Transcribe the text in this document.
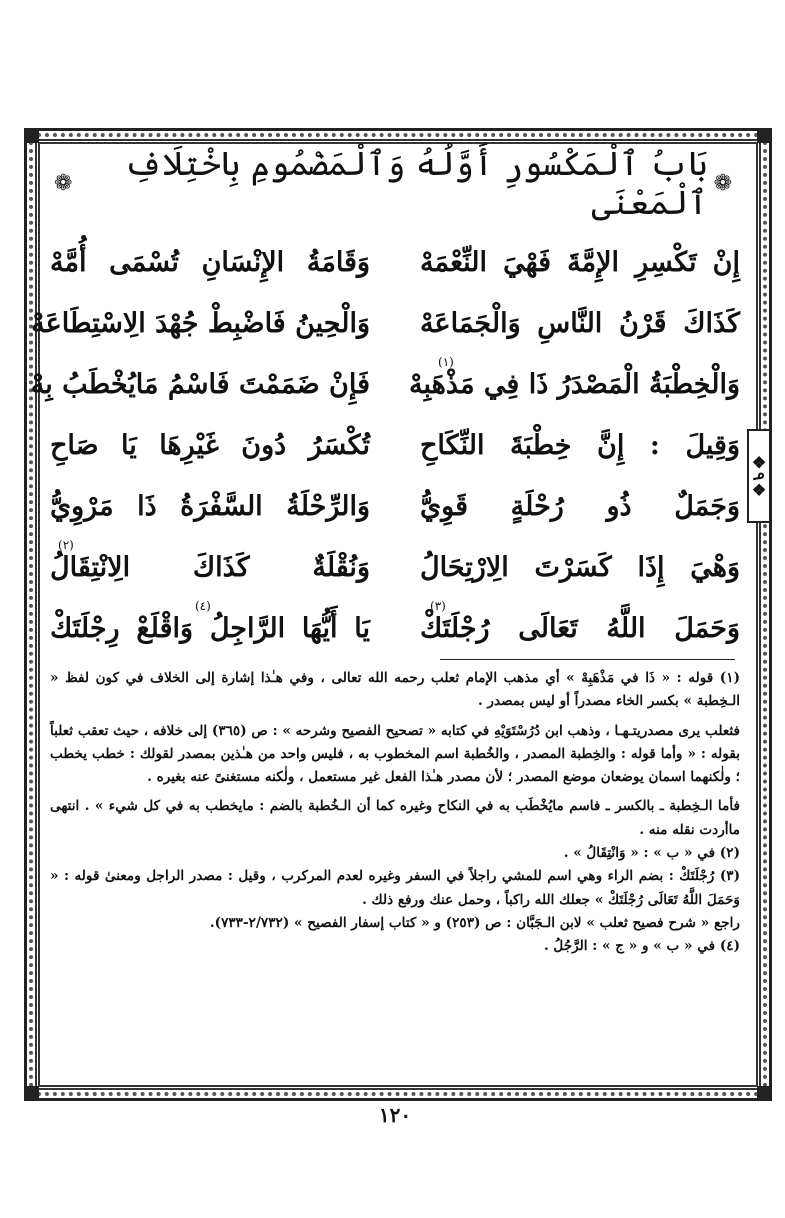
❖٩❖
❁
بَابُ ٱلْمَكْسُورِ أَوَّلُهُ وَٱلْمَضْمُومِ بِاخْتِلَافِ ٱلْمَعْنَى
❁
إِنْ تَكْسِرِ الإِمَّةَ فَهْيَ النِّعْمَهْ
وَقَامَةُ الإِنْسَانِ تُسْمَى أُمَّهْ
كَذَاكَ قَرْنُ النَّاسِ وَالْجَمَاعَهْ
وَالْحِينُ فَاضْبِطْ جُهْدَ الِاسْتِطَاعَهْ
وَالْخِطْبَةُ الْمَصْدَرُ ذَا فِي مَذْهَبِهْ
(١)
فَإِنْ ضَمَمْتَ فَاسْمُ مَايُخْطَبُ بِهْ
وَقِيلَ : إِنَّ خِطْبَةَ النِّكَاحِ
تُكْسَرُ دُونَ غَيْرِهَا يَا صَاحِ
وَجَمَلٌ ذُو رُحْلَةٍ قَوِيُّ
وَالرِّحْلَةُ السَّفْرَةُ ذَا مَرْوِيُّ
وَهْيَ إِذَا كَسَرْتَ الِارْتِحَالُ
وَنُقْلَةٌ كَذَاكَ الِانْتِقَالُ
(٢)
وَحَمَلَ اللَّهُ تَعَالَى رُجْلَتَكْ
(٣)
يَا أَيُّهَا الرَّاجِلُ وَاقْلَعْ رِجْلَتَكْ
(٤)

(١) قوله : « ذَا في مَذْهَبِهْ » أي مذهب الإمام ثعلب رحمه الله تعالى ، وفي هـٰذا إشارة إلى الخلاف في كون لفظ « الـخِطبة » بكسر الخاء مصدراً أو ليس بمصدر .

فثعلب يرى مصدريتـهـا ، وذهب ابن دُرُسْتَوَيْهِ في كتابه « تصحيح الفصيح وشرحه » : ص (٣٦٥) إلى خلافه ، حيث تعقب ثعلباً بقوله : « وأما قوله : والخِطبة المصدر ، والخُطبة اسم المخطوب به ، فليس واحد من هـٰذين بمصدر لقولك : خطب يخطب ؛ ولٰكنهما اسمان يوضعان موضع المصدر ؛ لأن مصدر هـٰذا الفعل غير مستعمل ، ولٰكنه مستغنىً عنه بغيره .

فأما الـخِطبة ـ بالكسر ـ فاسم مايُخْطَب به في النكاح وغيره كما أن الـخُطبة بالضم : مايخطب به في كل شيء » . انتهى ماأردت نقله منه .

(٢) في « ب » : « وَانْتِقَالُ » .

(٣) رُجْلَتَكْ : بضم الراء وهي اسم للمشي راجلاً في السفر وغيره لعدم المركرب ، وقيل : مصدر الراجل ومعنىٰ قوله : « وَحَمَلَ اللَّهُ تَعَالَى رُجْلَتَكْ » جعلك الله راكباً ، وحمل عنك ورفع ذلك .

راجع « شرح فصيح ثعلب » لابن الـجَبَّان : ص (٢٥٣) و « كتاب إسفار الفصيح » (٢/٧٣٢-٧٣٣).

(٤) في « ب » و « ج » : الرَّجُلُ .

١٢٠
